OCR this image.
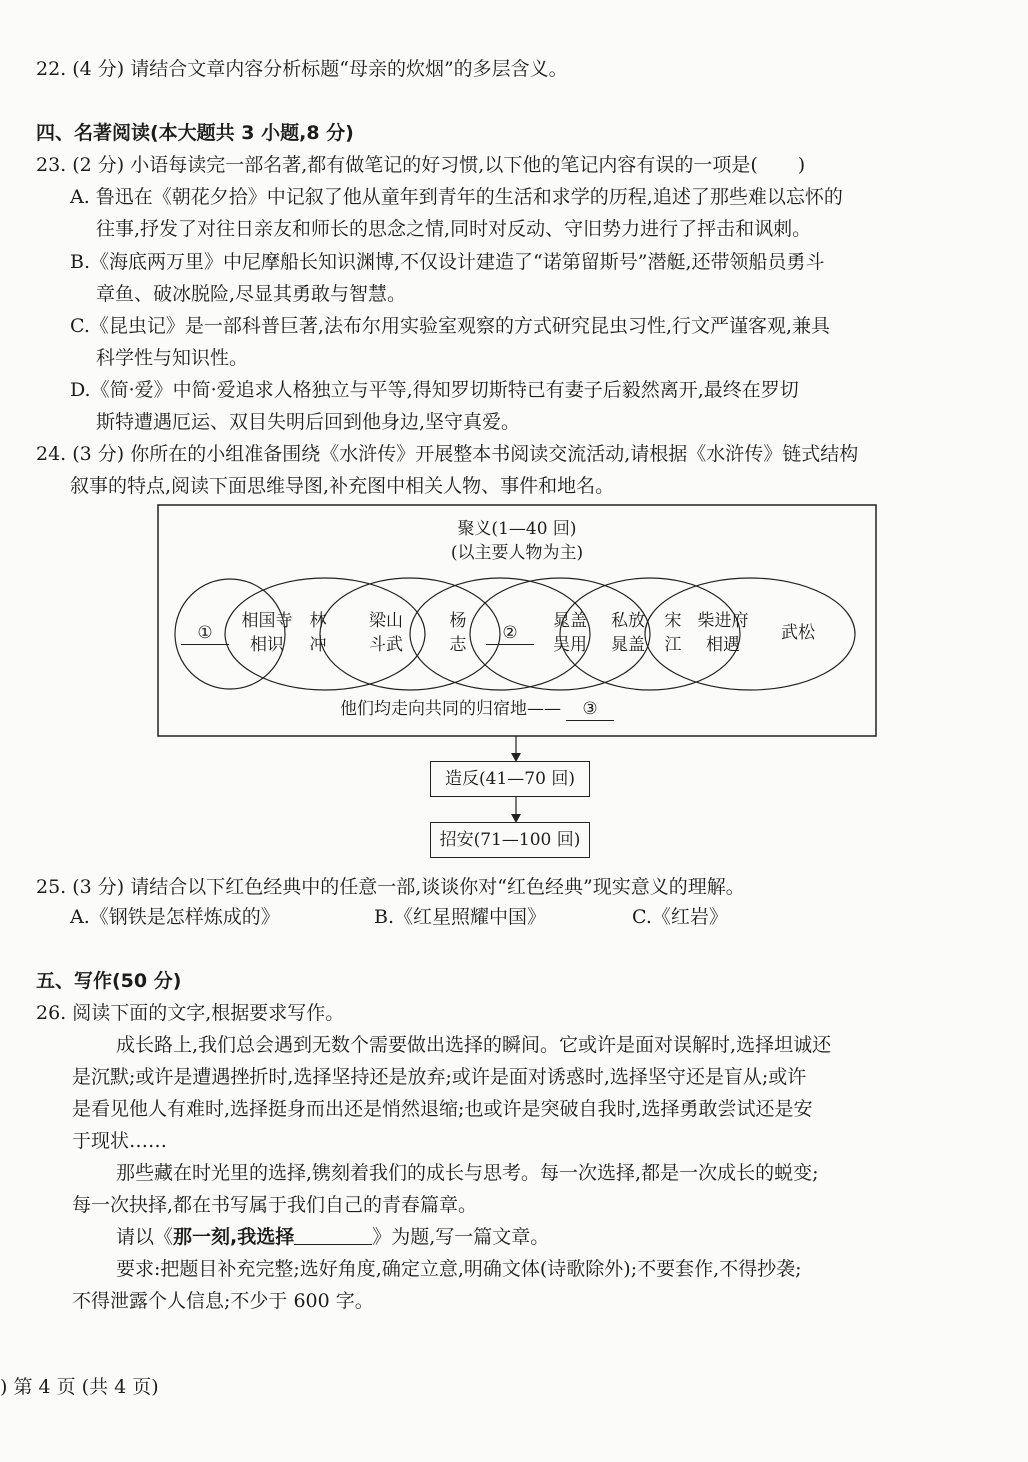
22. (4 分) 请结合文章内容分析标题“母亲的炊烟”的多层含义。
四、名著阅读(本大题共 3 小题,8 分)
23. (2 分) 小语每读完一部名著,都有做笔记的好习惯,以下他的笔记内容有误的一项是( )
A. 鲁迅在《朝花夕拾》中记叙了他从童年到青年的生活和求学的历程,追述了那些难以忘怀的
往事,抒发了对往日亲友和师长的思念之情,同时对反动、守旧势力进行了抨击和讽刺。
B.《海底两万里》中尼摩船长知识渊博,不仅设计建造了“诺第留斯号”潜艇,还带领船员勇斗
章鱼、破冰脱险,尽显其勇敢与智慧。
C.《昆虫记》是一部科普巨著,法布尔用实验室观察的方式研究昆虫习性,行文严谨客观,兼具
科学性与知识性。
D.《简·爱》中简·爱追求人格独立与平等,得知罗切斯特已有妻子后毅然离开,最终在罗切
斯特遭遇厄运、双目失明后回到他身边,坚守真爱。
24. (3 分) 你所在的小组准备围绕《水浒传》开展整本书阅读交流活动,请根据《水浒传》链式结构
叙事的特点,阅读下面思维导图,补充图中相关人物、事件和地名。
聚义(1—40 回)
(以主要人物为主)
①
相国寺
相识
林
冲
梁山
斗武
杨
志
②
晁盖
吴用
私放
晁盖
宋
江
柴进府
相遇
武松
他们均走向共同的归宿地—— ③
造反(41—70 回)
招安(71—100 回)
25. (3 分) 请结合以下红色经典中的任意一部,谈谈你对“红色经典”现实意义的理解。
A.《钢铁是怎样炼成的》	B.《红星照耀中国》	C.《红岩》
五、写作(50 分)
26. 阅读下面的文字,根据要求写作。
成长路上,我们总会遇到无数个需要做出选择的瞬间。它或许是面对误解时,选择坦诚还
是沉默;或许是遭遇挫折时,选择坚持还是放弃;或许是面对诱惑时,选择坚守还是盲从;或许
是看见他人有难时,选择挺身而出还是悄然退缩;也或许是突破自我时,选择勇敢尝试还是安
于现状……
那些藏在时光里的选择,镌刻着我们的成长与思考。每一次选择,都是一次成长的蜕变;
每一次抉择,都在书写属于我们自己的青春篇章。
请以《那一刻,我选择	》为题,写一篇文章。
要求:把题目补充完整;选好角度,确定立意,明确文体(诗歌除外);不要套作,不得抄袭;
不得泄露个人信息;不少于 600 字。
) 第 4 页 (共 4 页)
